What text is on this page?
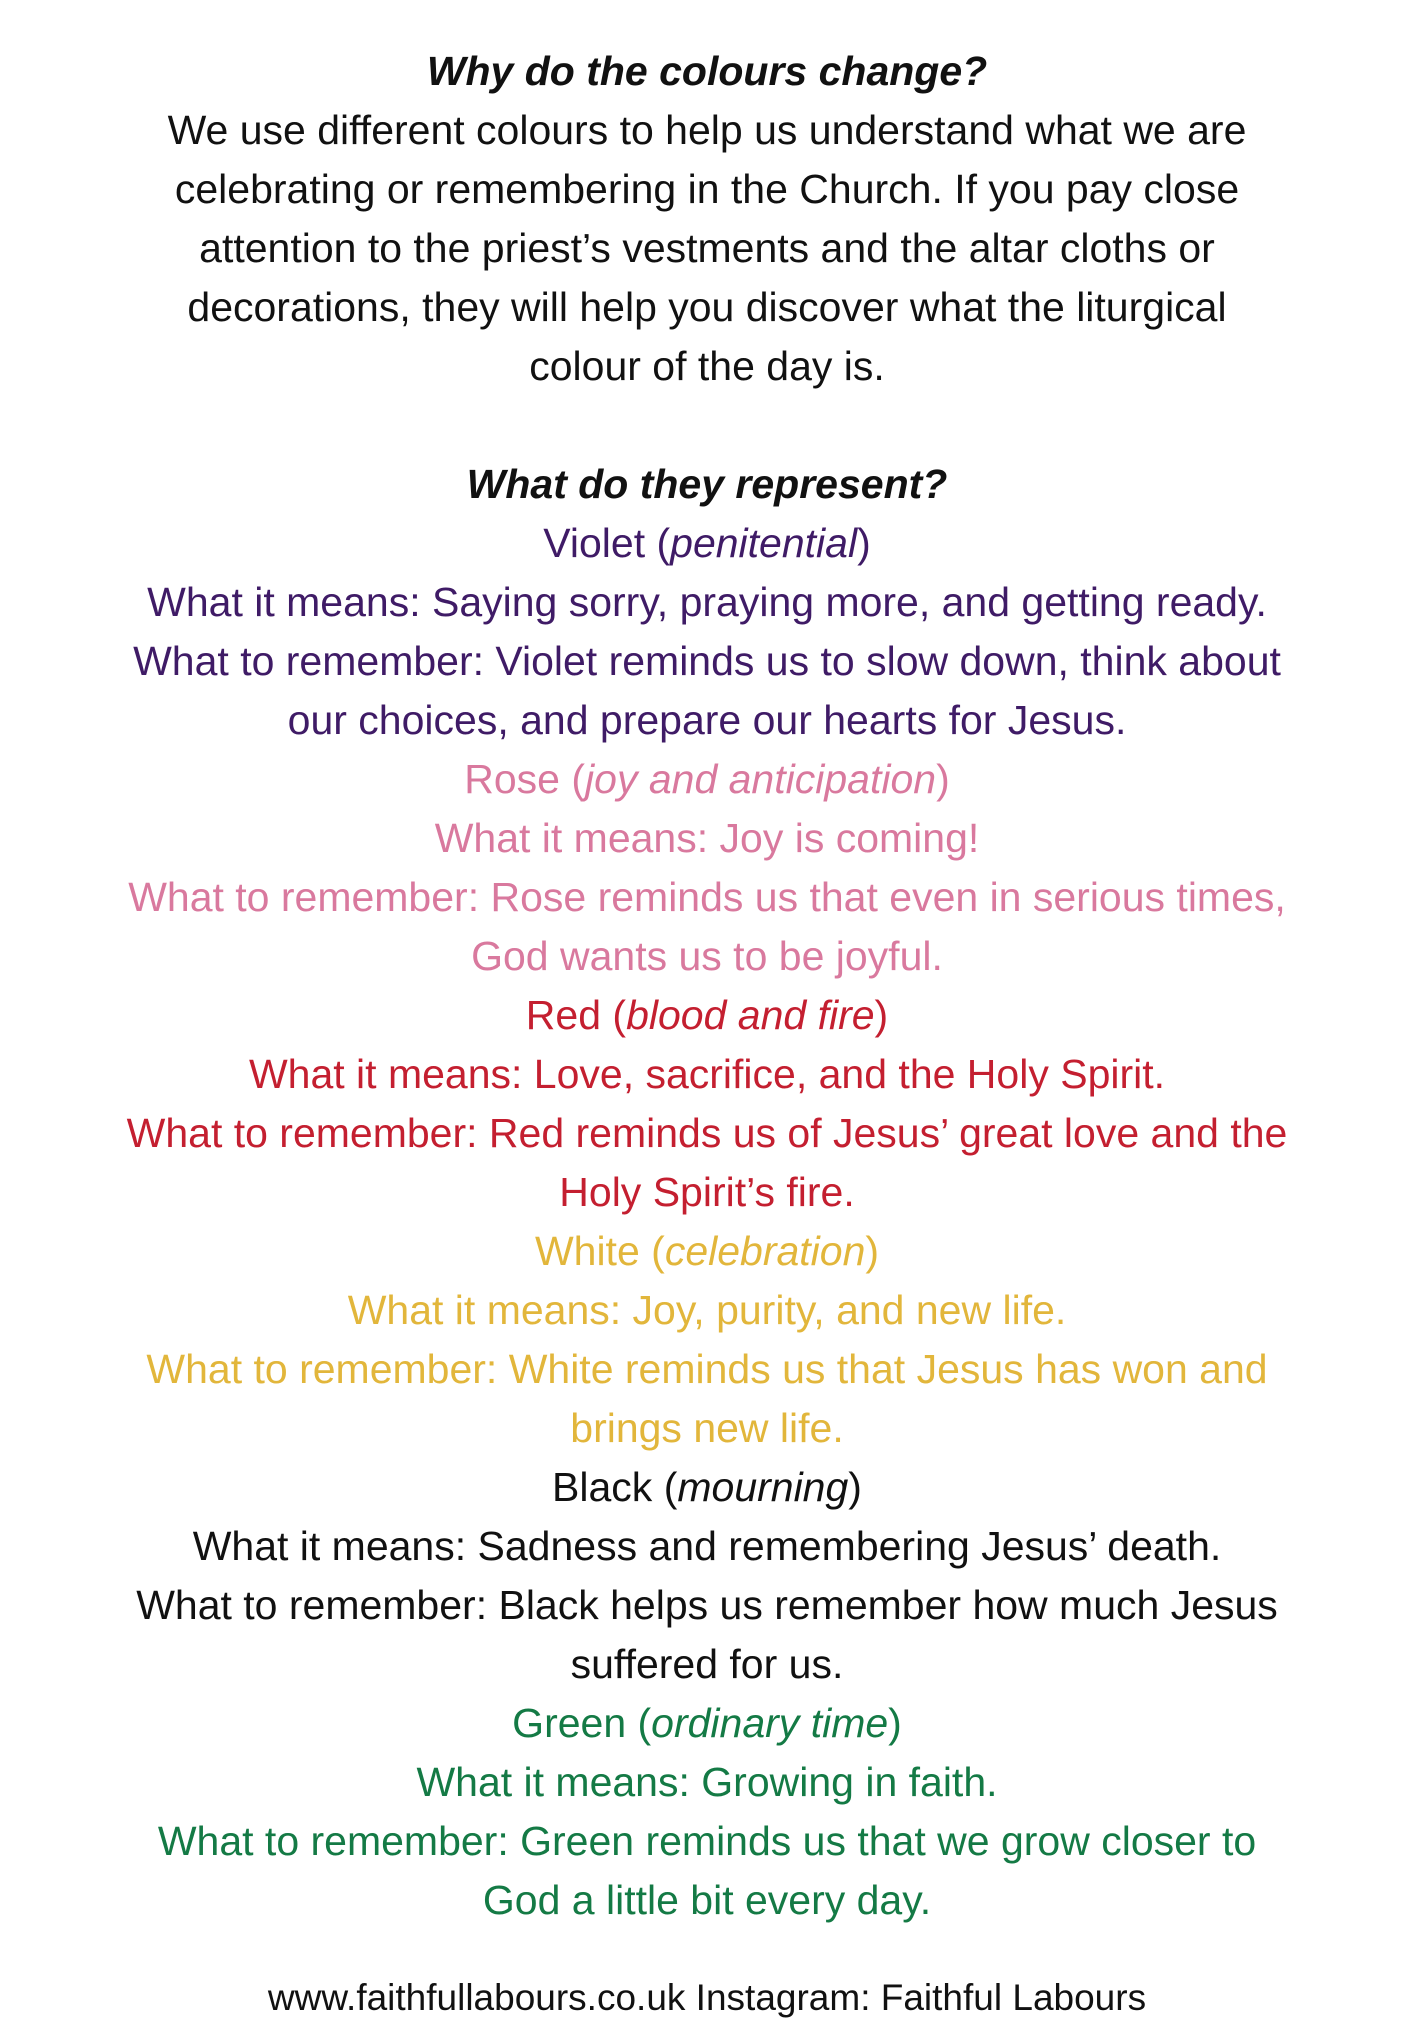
Why do the colours change?

We use different colours to help us understand what we are

celebrating or remembering in the Church. If you pay close

attention to the priest’s vestments and the altar cloths or

decorations, they will help you discover what the liturgical

colour of the day is.

What do they represent?

Violet (penitential)

What it means: Saying sorry, praying more, and getting ready.

What to remember: Violet reminds us to slow down, think about

our choices, and prepare our hearts for Jesus.

Rose (joy and anticipation)

What it means: Joy is coming!

What to remember: Rose reminds us that even in serious times,

God wants us to be joyful.

Red (blood and fire)

What it means: Love, sacrifice, and the Holy Spirit.

What to remember: Red reminds us of Jesus’ great love and the

Holy Spirit’s fire.

White (celebration)

What it means: Joy, purity, and new life.

What to remember: White reminds us that Jesus has won and

brings new life.

Black (mourning)

What it means: Sadness and remembering Jesus’ death.

What to remember: Black helps us remember how much Jesus

suffered for us.

Green (ordinary time)

What it means: Growing in faith.

What to remember: Green reminds us that we grow closer to

God a little bit every day.

www.faithfullabours.co.uk Instagram: Faithful Labours
